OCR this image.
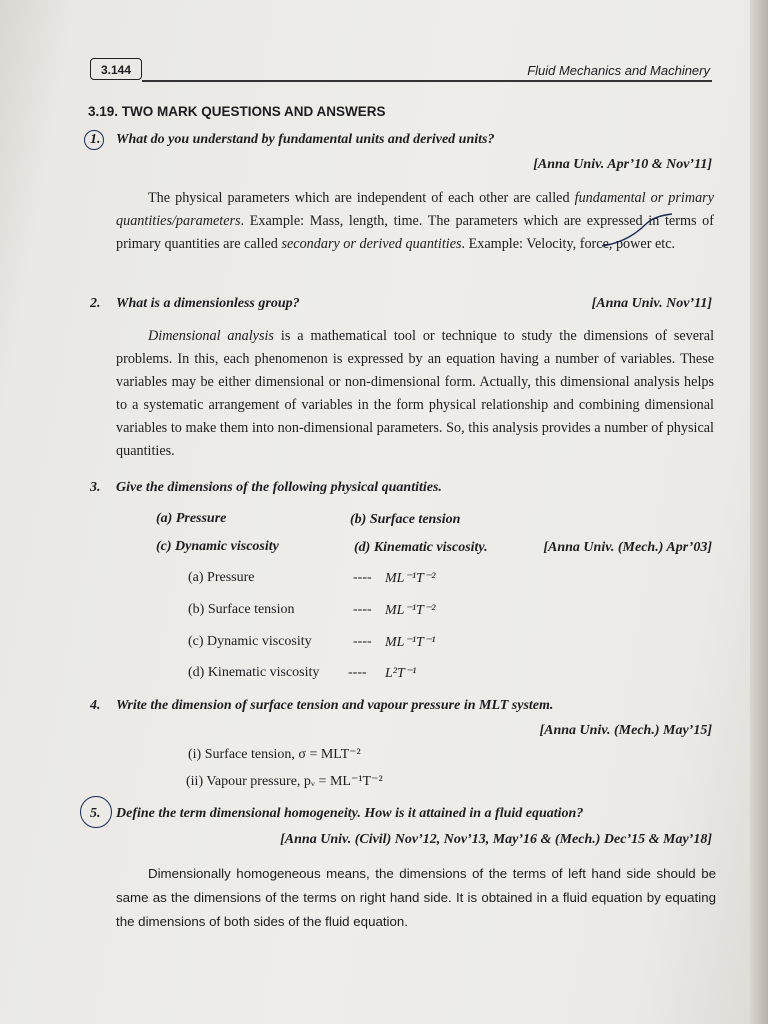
3.144	Fluid Mechanics and Machinery
3.19. TWO MARK QUESTIONS AND ANSWERS
1. What do you understand by fundamental units and derived units?
[Anna Univ. Apr’10 & Nov’11]
The physical parameters which are independent of each other are called fundamental or primary quantities/parameters. Example: Mass, length, time. The parameters which are expressed in terms of primary quantities are called secondary or derived quantities. Example: Velocity, force, power etc.
2. What is a dimensionless group?	[Anna Univ. Nov’11]
Dimensional analysis is a mathematical tool or technique to study the dimensions of several problems. In this, each phenomenon is expressed by an equation having a number of variables. These variables may be either dimensional or non-dimensional form. Actually, this dimensional analysis helps to a systematic arrangement of variables in the form physical relationship and combining dimensional variables to make them into non-dimensional parameters. So, this analysis provides a number of physical quantities.
3. Give the dimensions of the following physical quantities.
(a) Pressure	(b) Surface tension
(c) Dynamic viscosity	(d) Kinematic viscosity.	[Anna Univ. (Mech.) Apr’03]
(a) Pressure	---- ML⁻¹T⁻²
(b) Surface tension	---- ML⁻¹T⁻²
(c) Dynamic viscosity	---- ML⁻¹T⁻¹
(d) Kinematic viscosity ---- L²T⁻¹
4. Write the dimension of surface tension and vapour pressure in MLT system.
[Anna Univ. (Mech.) May’15]
(i) Surface tension, σ = MLT⁻²
(ii) Vapour pressure, pᵥ = ML⁻¹T⁻²
5. Define the term dimensional homogeneity. How is it attained in a fluid equation?
[Anna Univ. (Civil) Nov’12, Nov’13, May’16 & (Mech.) Dec’15 & May’18]
Dimensionally homogeneous means, the dimensions of the terms of left hand side should be same as the dimensions of the terms on right hand side. It is obtained in a fluid equation by equating the dimensions of both sides of the fluid equation.
